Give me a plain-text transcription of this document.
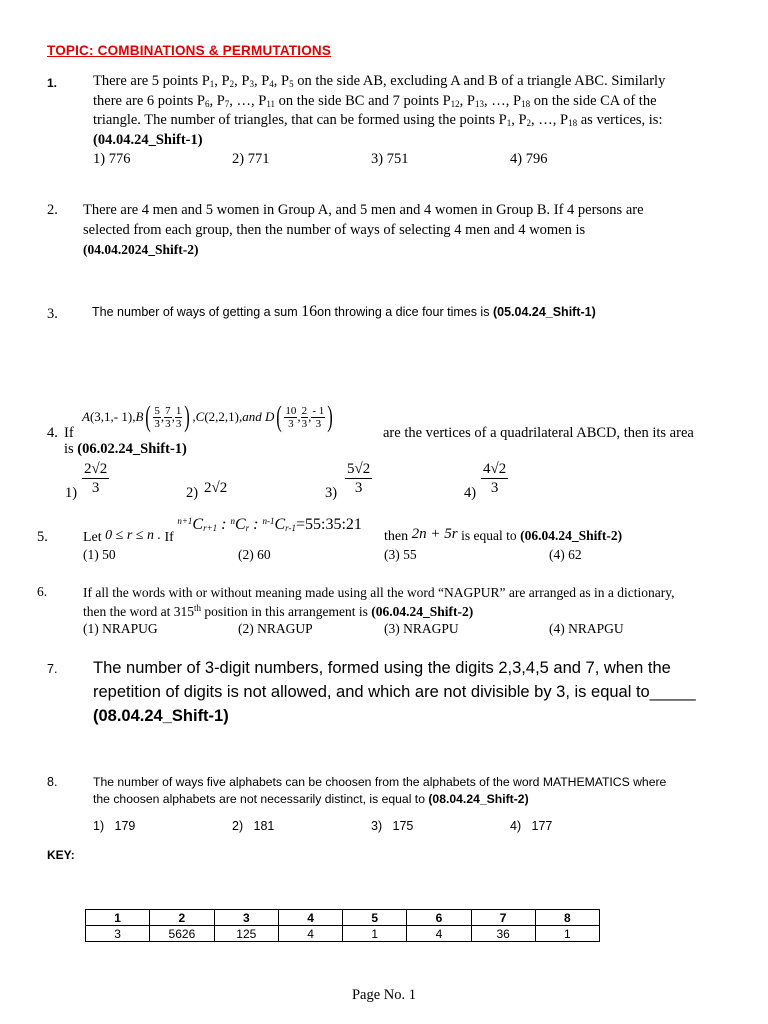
TOPIC: COMBINATIONS & PERMUTATIONS
1. There are 5 points $P_1$, $P_2$, $P_3$, $P_4$, $P_5$ on the side AB, excluding A and B of a triangle ABC. Similarly
there are 6 points $P_6$, $P_7$, …, $P_{11}$ on the side BC and 7 points $P_{12}$, $P_{13}$, …, $P_{18}$ on the side CA of the
triangle. The number of triangles, that can be formed using the points $P_1$, $P_2$, …, $P_{18}$ as vertices, is:
(04.04.24_Shift-1)
1) 776	2) 771	3) 751	4) 796
2. There are 4 men and 5 women in Group A, and 5 men and 4 women in Group B. If 4 persons are
selected from each group, then the number of ways of selecting 4 men and 4 women is
(04.04.2024_Shift-2)
3.	The number of ways of getting a sum 16on throwing a dice four times is (05.04.24_Shift-1)
4. If
A(3,1,- $1),B( \frac{5}{3}$ , $\frac{7}{3}$ , $\frac{1}{3}$ ) ,C(2,2,1),and $D( \frac{10}{3}$ , $\frac{2}{3}$ , $\frac{- 1}{3}$ )	are the vertices of a quadrilateral ABCD, then its area
is (06.02.24_Shift-1)
$1) \frac{2√2}{3}$	2) 2√2	$3) \frac{5√2}{3}$	$4) \frac{4√2}{3}$
5.	Let 0 ≤ r ≤ n . If $^{n+1}C_{r+1}$ : $^nC_r$ : $^{n-1}C_{r-1}=55:35:21$
then 2n + 5r is equal to (06.04.24_Shift-2)
(1) 50	(2) 60	(3) 55	(4) 62
6.	If all the words with or without meaning made using all the word “NAGPUR” are arranged as in a dictionary,
then the word at 315th position in this arrangement is (06.04.24_Shift-2)
(1) NRAPUG	(2) NRAGUP	(3) NRAGPU	(4) NRAPGU
7. The number of 3-digit numbers, formed using the digits 2,3,4,5 and 7, when the
repetition of digits is not allowed, and which are not divisible by 3, is equal to_____
(08.04.24_Shift-1)
8.	The number of ways five alphabets can be choosen from the alphabets of the word MATHEMATICS where
the choosen alphabets are not necessarily distinct, is equal to (08.04.24_Shift-2)
1)   179	2)   181	3)   175	4)   177
KEY:
1	2	3	4	5	6	7	8
3	5626	125	4	1	4	36	1
Page No. 1
